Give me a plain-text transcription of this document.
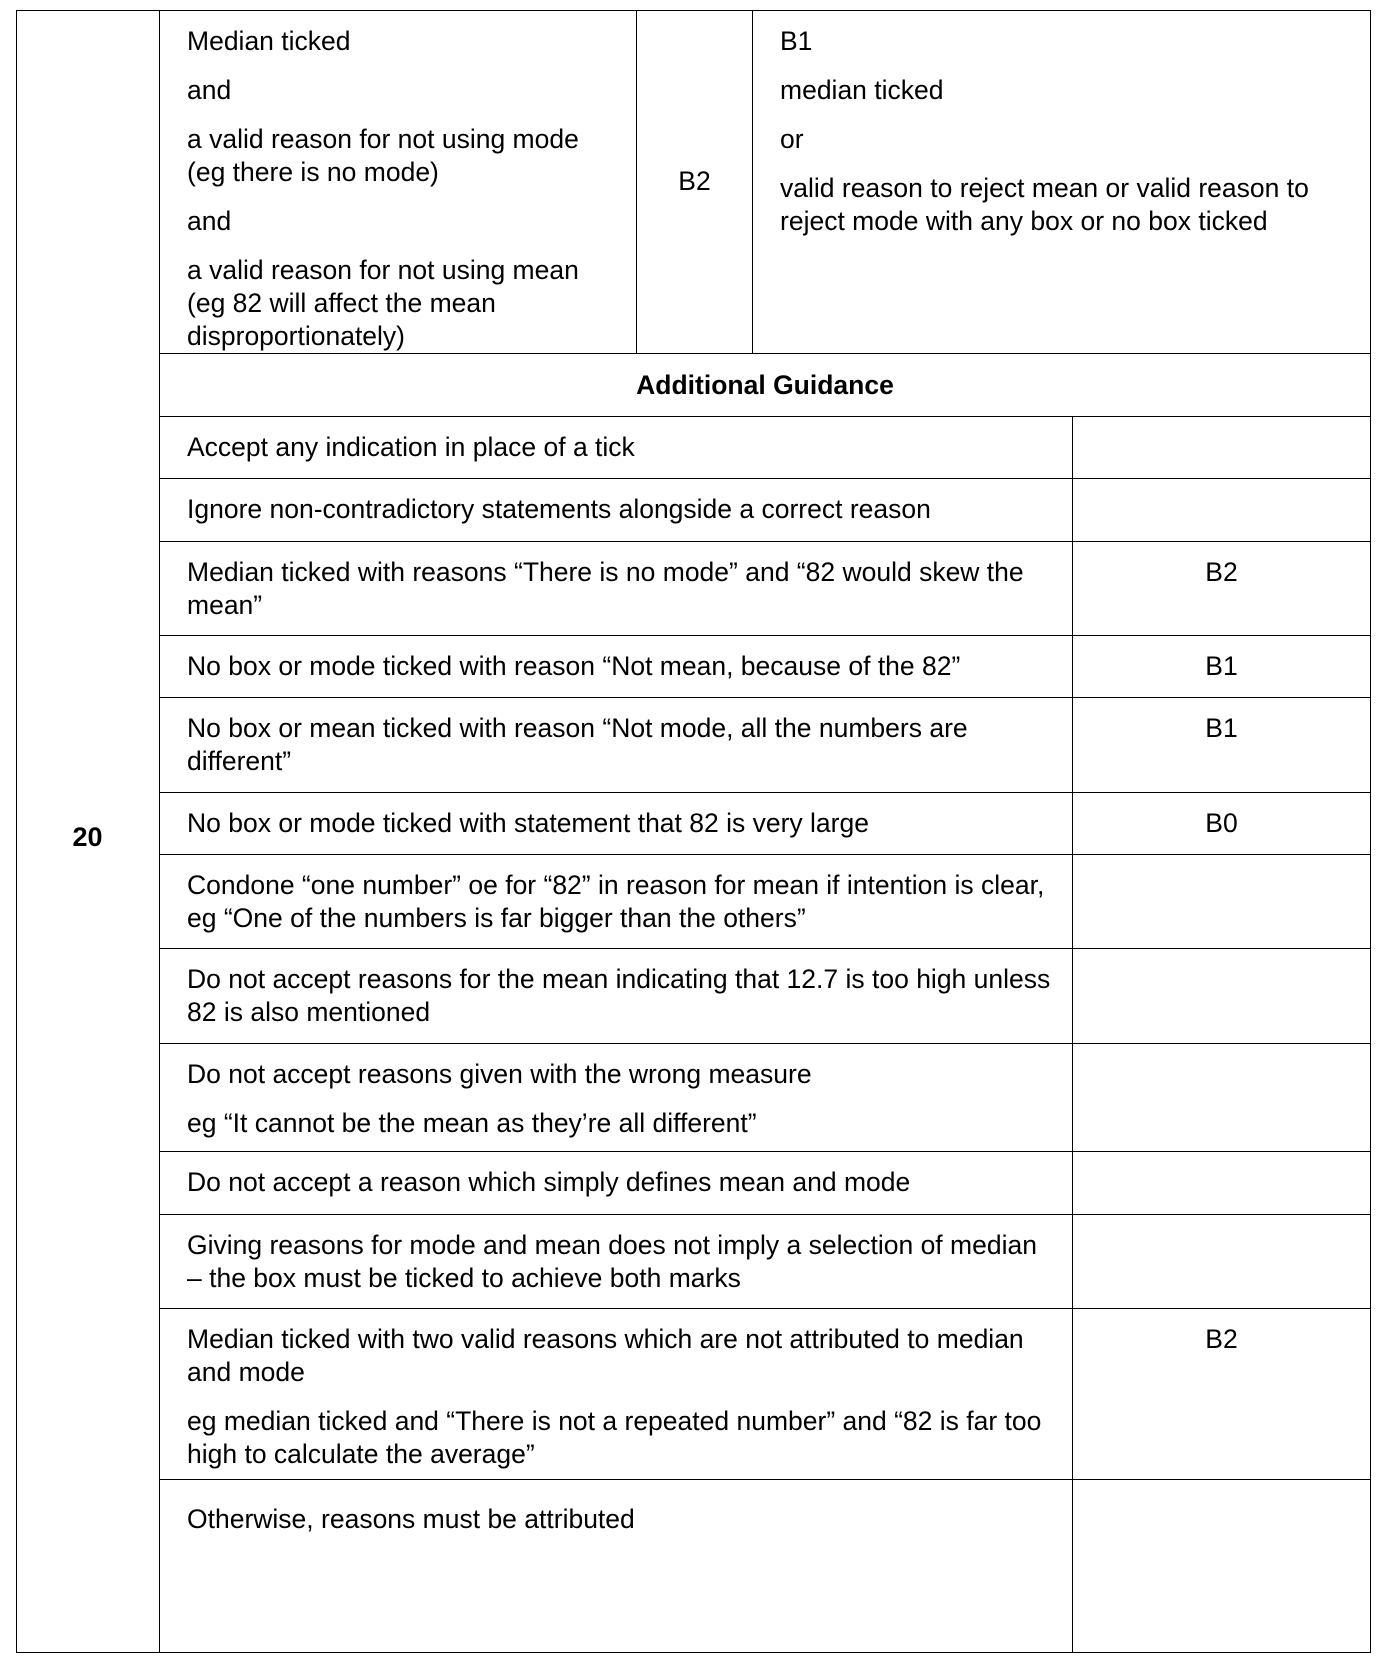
20

Median ticked

and

a valid reason for not using mode (eg there is no mode)

and

a valid reason for not using mean (eg 82 will affect the mean disproportionately)

B2

B1

median ticked

or

valid reason to reject mean or valid reason to reject mode with any box or no box ticked

Additional Guidance

Accept any indication in place of a tick

Ignore non-contradictory statements alongside a correct reason

Median ticked with reasons “There is no mode” and “82 would skew the mean”

B2

No box or mode ticked with reason “Not mean, because of the 82”	B1

No box or mean ticked with reason “Not mode, all the numbers are different”

B1

No box or mode ticked with statement that 82 is very large	B0

Condone “one number” oe for “82” in reason for mean if intention is clear, eg “One of the numbers is far bigger than the others”

Do not accept reasons for the mean indicating that 12.7 is too high unless 82 is also mentioned

Do not accept reasons given with the wrong measure

eg “It cannot be the mean as they’re all different”

Do not accept a reason which simply defines mean and mode

Giving reasons for mode and mean does not imply a selection of median – the box must be ticked to achieve both marks

Median ticked with two valid reasons which are not attributed to median and mode

eg median ticked and “There is not a repeated number” and “82 is far too high to calculate the average”

B2

Otherwise, reasons must be attributed
